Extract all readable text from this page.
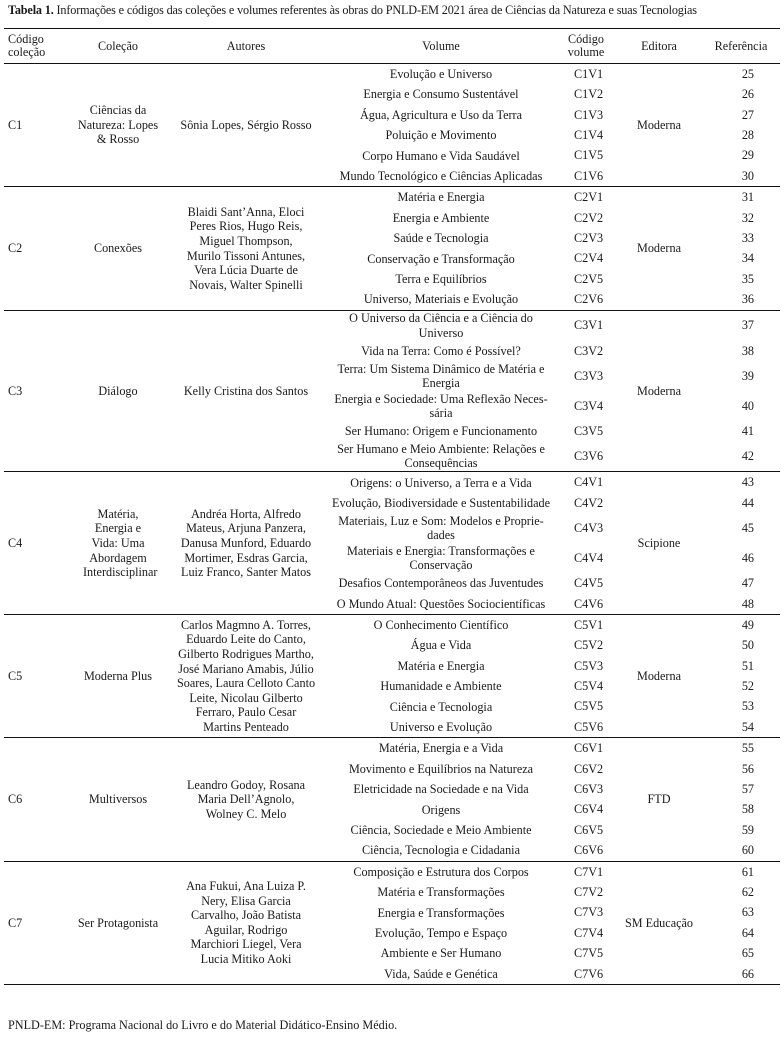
Tabela 1. Informações e códigos das coleções e volumes referentes às obras do PNLD-EM 2021 área de Ciências da Natureza e suas Tecnologias
Código coleção	Coleção	Autores	Volume	Código volume	Editora	Referência
C1	Ciências da Natureza: Lopes & Rosso	Sônia Lopes, Sérgio Rosso	Evolução e Universo	C1V1	Moderna	25
			Energia e Consumo Sustentável	C1V2		26
			Água, Agricultura e Uso da Terra	C1V3		27
			Poluição e Movimento	C1V4		28
			Corpo Humano e Vida Saudável	C1V5		29
			Mundo Tecnológico e Ciências Aplicadas	C1V6		30
C2	Conexões	Blaidi Sant’Anna, Eloci Peres Rios, Hugo Reis, Miguel Thompson, Murilo Tissoni Antunes, Vera Lúcia Duarte de Novais, Walter Spinelli	Matéria e Energia	C2V1	Moderna	31
			Energia e Ambiente	C2V2		32
			Saúde e Tecnologia	C2V3		33
			Conservação e Transformação	C2V4		34
			Terra e Equilíbrios	C2V5		35
			Universo, Materiais e Evolução	C2V6		36
C3	Diálogo	Kelly Cristina dos Santos	O Universo da Ciência e a Ciência do Universo	C3V1	Moderna	37
			Vida na Terra: Como é Possível?	C3V2		38
			Terra: Um Sistema Dinâmico de Matéria e Energia	C3V3		39
			Energia e Sociedade: Uma Reflexão Neces-sária	C3V4		40
			Ser Humano: Origem e Funcionamento	C3V5		41
			Ser Humano e Meio Ambiente: Relações e Consequências	C3V6		42
C4	Matéria, Energia e Vida: Uma Abordagem Interdisciplinar	Andréa Horta, Alfredo Mateus, Arjuna Panzera, Danusa Munford, Eduardo Mortimer, Esdras Garcia, Luiz Franco, Santer Matos	Origens: o Universo, a Terra e a Vida	C4V1	Scipione	43
			Evolução, Biodiversidade e Sustentabilidade	C4V2		44
			Materiais, Luz e Som: Modelos e Proprie-dades	C4V3		45
			Materiais e Energia: Transformações e Conservação	C4V4		46
			Desafios Contemporâneos das Juventudes	C4V5		47
			O Mundo Atual: Questões Sociocientíficas	C4V6		48
C5	Moderna Plus	Carlos Magmno A. Torres, Eduardo Leite do Canto, Gilberto Rodrigues Martho, José Mariano Amabis, Júlio Soares, Laura Celloto Canto Leite, Nicolau Gilberto Ferraro, Paulo Cesar Martins Penteado	O Conhecimento Científico	C5V1	Moderna	49
			Água e Vida	C5V2		50
			Matéria e Energia	C5V3		51
			Humanidade e Ambiente	C5V4		52
			Ciência e Tecnologia	C5V5		53
			Universo e Evolução	C5V6		54
C6	Multiversos	Leandro Godoy, Rosana Maria Dell’Agnolo, Wolney C. Melo	Matéria, Energia e a Vida	C6V1	FTD	55
			Movimento e Equilíbrios na Natureza	C6V2		56
			Eletricidade na Sociedade e na Vida	C6V3		57
			Origens	C6V4		58
			Ciência, Sociedade e Meio Ambiente	C6V5		59
			Ciência, Tecnologia e Cidadania	C6V6		60
C7	Ser Protagonista	Ana Fukui, Ana Luiza P. Nery, Elisa Garcia Carvalho, João Batista Aguilar, Rodrigo Marchiori Liegel, Vera Lucia Mitiko Aoki	Composição e Estrutura dos Corpos	C7V1	SM Educação	61
			Matéria e Transformações	C7V2		62
			Energia e Transformações	C7V3		63
			Evolução, Tempo e Espaço	C7V4		64
			Ambiente e Ser Humano	C7V5		65
			Vida, Saúde e Genética	C7V6		66
PNLD-EM: Programa Nacional do Livro e do Material Didático-Ensino Médio.
